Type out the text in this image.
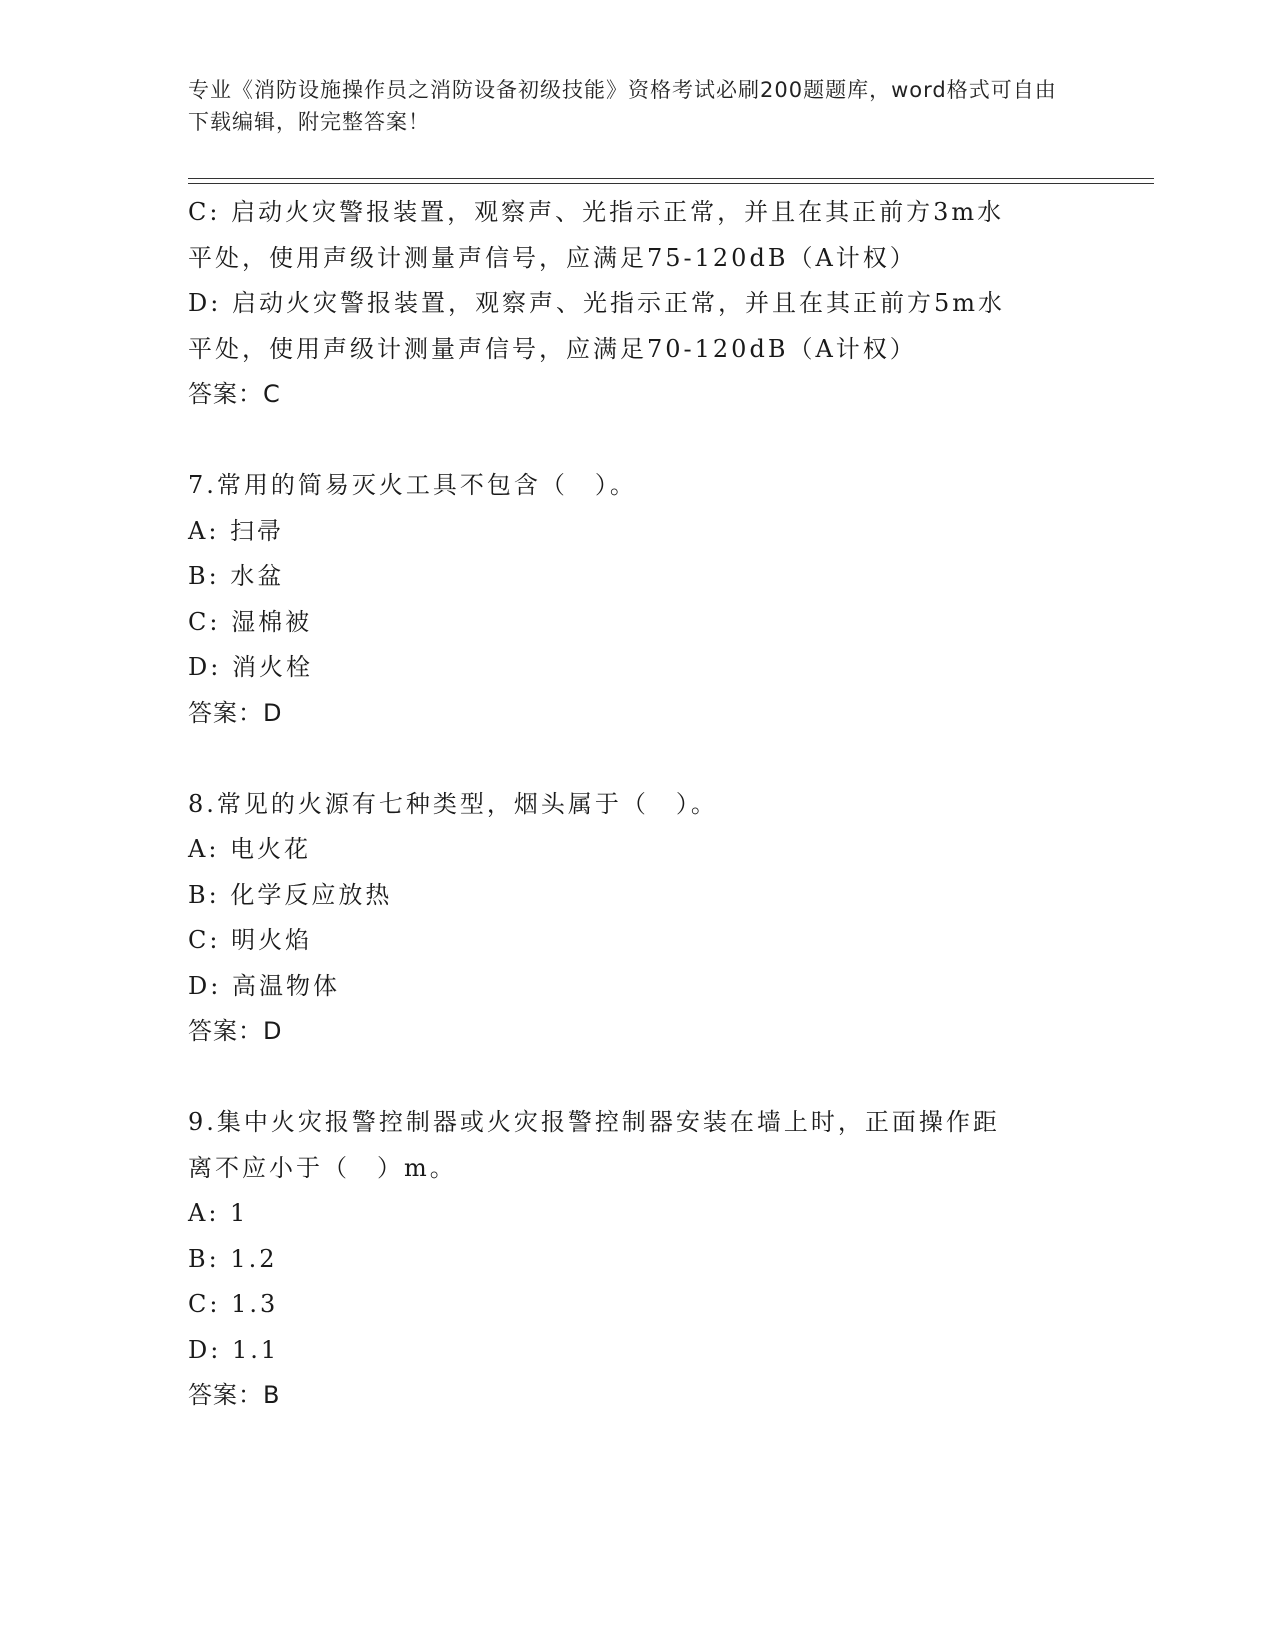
专业《消防设施操作员之消防设备初级技能》资格考试必刷200题题库，word格式可自由下载编辑，附完整答案！
C: 启动火灾警报装置，观察声、光指示正常，并且在其正前方3m水
平处，使用声级计测量声信号，应满足75-120dB（A计权）
D: 启动火灾警报装置，观察声、光指示正常，并且在其正前方5m水
平处，使用声级计测量声信号，应满足70-120dB（A计权）
答案：C
7.常用的简易灭火工具不包含（　）。
A: 扫帚
B: 水盆
C: 湿棉被
D: 消火栓
答案：D
8.常见的火源有七种类型，烟头属于（　）。
A: 电火花
B: 化学反应放热
C: 明火焰
D: 高温物体
答案：D
9.集中火灾报警控制器或火灾报警控制器安装在墙上时，正面操作距
离不应小于（　）m。
A: 1
B: 1.2
C: 1.3
D: 1.1
答案：B
